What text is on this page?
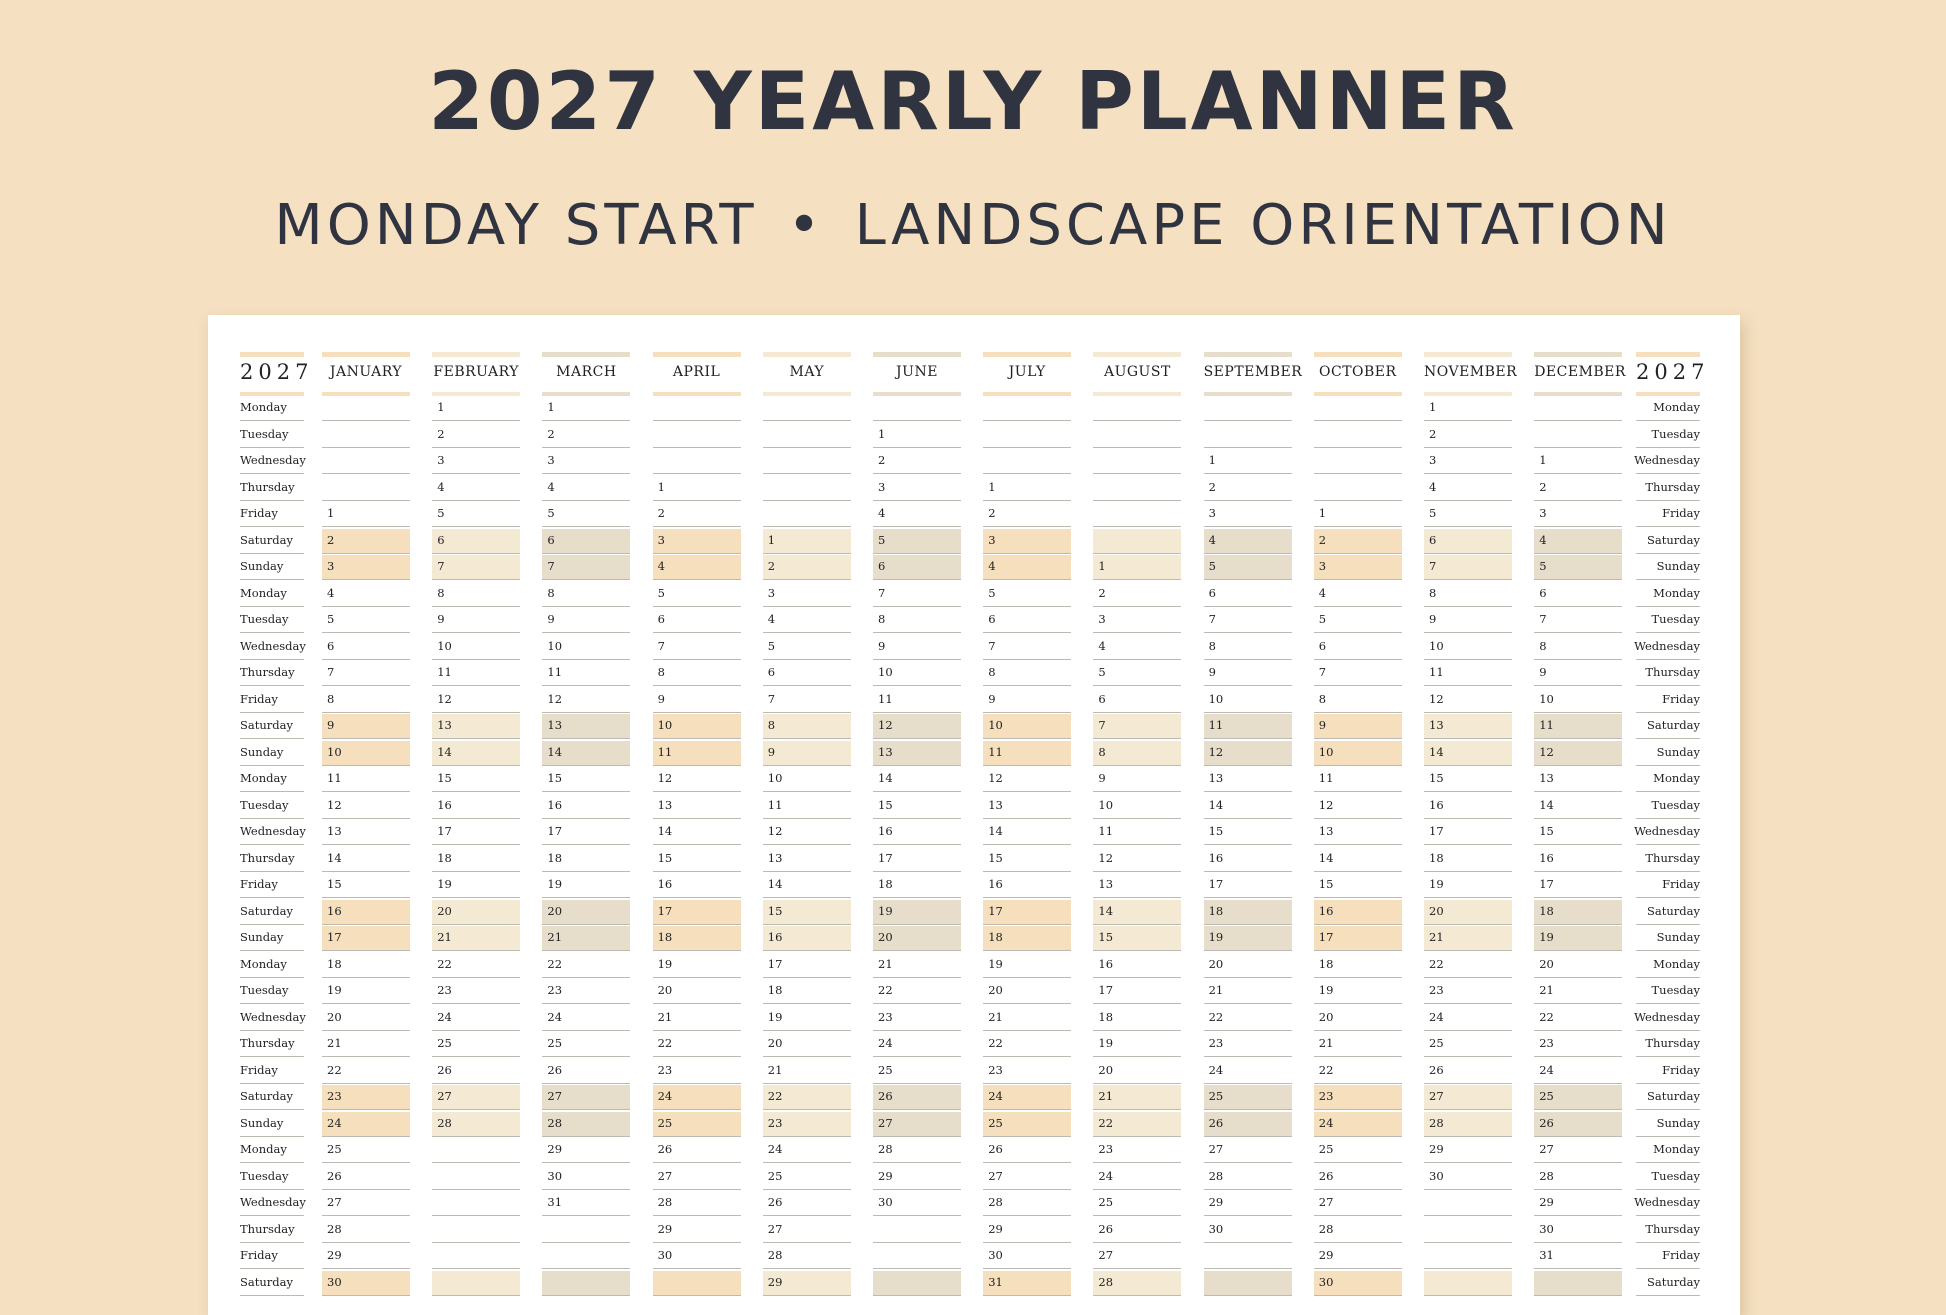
2027 YEARLY PLANNER
MONDAY START • LANDSCAPE ORIENTATION
2027
Monday
Tuesday
Wednesday
Thursday
Friday
Saturday
Sunday
Monday
Tuesday
Wednesday
Thursday
Friday
Saturday
Sunday
Monday
Tuesday
Wednesday
Thursday
Friday
Saturday
Sunday
Monday
Tuesday
Wednesday
Thursday
Friday
Saturday
Sunday
Monday
Tuesday
Wednesday
Thursday
Friday
Saturday
JANUARY
1
2
3
4
5
6
7
8
9
10
11
12
13
14
15
16
17
18
19
20
21
22
23
24
25
26
27
28
29
30
FEBRUARY
1
2
3
4
5
6
7
8
9
10
11
12
13
14
15
16
17
18
19
20
21
22
23
24
25
26
27
28
MARCH
1
2
3
4
5
6
7
8
9
10
11
12
13
14
15
16
17
18
19
20
21
22
23
24
25
26
27
28
29
30
31
APRIL
1
2
3
4
5
6
7
8
9
10
11
12
13
14
15
16
17
18
19
20
21
22
23
24
25
26
27
28
29
30
MAY
1
2
3
4
5
6
7
8
9
10
11
12
13
14
15
16
17
18
19
20
21
22
23
24
25
26
27
28
29
JUNE
1
2
3
4
5
6
7
8
9
10
11
12
13
14
15
16
17
18
19
20
21
22
23
24
25
26
27
28
29
30
JULY
1
2
3
4
5
6
7
8
9
10
11
12
13
14
15
16
17
18
19
20
21
22
23
24
25
26
27
28
29
30
31
AUGUST
1
2
3
4
5
6
7
8
9
10
11
12
13
14
15
16
17
18
19
20
21
22
23
24
25
26
27
28
SEPTEMBER
1
2
3
4
5
6
7
8
9
10
11
12
13
14
15
16
17
18
19
20
21
22
23
24
25
26
27
28
29
30
OCTOBER
1
2
3
4
5
6
7
8
9
10
11
12
13
14
15
16
17
18
19
20
21
22
23
24
25
26
27
28
29
30
NOVEMBER
1
2
3
4
5
6
7
8
9
10
11
12
13
14
15
16
17
18
19
20
21
22
23
24
25
26
27
28
29
30
DECEMBER
1
2
3
4
5
6
7
8
9
10
11
12
13
14
15
16
17
18
19
20
21
22
23
24
25
26
27
28
29
30
31
2027
Monday
Tuesday
Wednesday
Thursday
Friday
Saturday
Sunday
Monday
Tuesday
Wednesday
Thursday
Friday
Saturday
Sunday
Monday
Tuesday
Wednesday
Thursday
Friday
Saturday
Sunday
Monday
Tuesday
Wednesday
Thursday
Friday
Saturday
Sunday
Monday
Tuesday
Wednesday
Thursday
Friday
Saturday
